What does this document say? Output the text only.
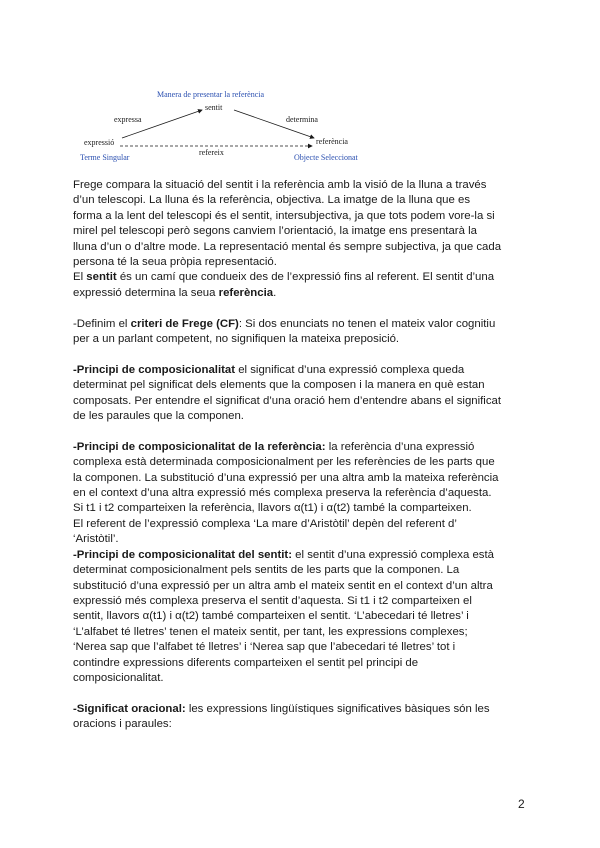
Manera de presentar la referència
sentit
expressa	determina
expressió	referència
refereix
Terme Singular	Objecte Seleccionat

Frege compara la situació del sentit i la referència amb la visió de la lluna a través
d’un telescopi. La lluna és la referència, objectiva. La imatge de la lluna que es
forma a la lent del telescopi és el sentit, intersubjectiva, ja que tots podem vore-la si
mirel pel telescopi però segons canviem l’orientació, la imatge ens presentarà la
lluna d’un o d’altre mode. La representació mental és sempre subjectiva, ja que cada
persona té la seua pròpia representació.

El sentit és un camí que condueix des de l’expressió fins al referent. El sentit d’una
expressió determina la seua referència.

-Definim el criteri de Frege (CF): Si dos enunciats no tenen el mateix valor cognitiu
per a un parlant competent, no signifiquen la mateixa preposició.

-Principi de composicionalitat el significat d’una expressió complexa queda
determinat pel significat dels elements que la composen i la manera en què estan
composats. Per entendre el significat d’una oració hem d’entendre abans el significat
de les paraules que la componen.

-Principi de composicionalitat de la referència: la referència d’una expressió
complexa està determinada composicionalment per les referències de les parts que
la componen. La substitució d’una expressió per una altra amb la mateixa referència
en el context d’una altra expressió més complexa preserva la referència d’aquesta.
Si t1 i t2 comparteixen la referència, llavors α(t1) i α(t2) també la comparteixen.
El referent de l’expressió complexa ‘La mare d’Aristòtil’ depèn del referent d’
‘Aristòtil’.

-Principi de composicionalitat del sentit: el sentit d’una expressió complexa està
determinat composicionalment pels sentits de les parts que la componen. La
substitució d’una expressió per un altra amb el mateix sentit en el context d’un altra
expressió més complexa preserva el sentit d’aquesta. Si t1 i t2 comparteixen el
sentit, llavors α(t1) i α(t2) també comparteixen el sentit. ‘L’abecedari té lletres’ i
‘L’alfabet té lletres’ tenen el mateix sentit, per tant, les expressions complexes;
‘Nerea sap que l’alfabet té lletres’ i ‘Nerea sap que l’abecedari té lletres’ tot i
contindre expressions diferents comparteixen el sentit pel principi de
composicionalitat.

-Significat oracional: les expressions lingüístiques significatives bàsiques són les
oracions i paraules:

2
